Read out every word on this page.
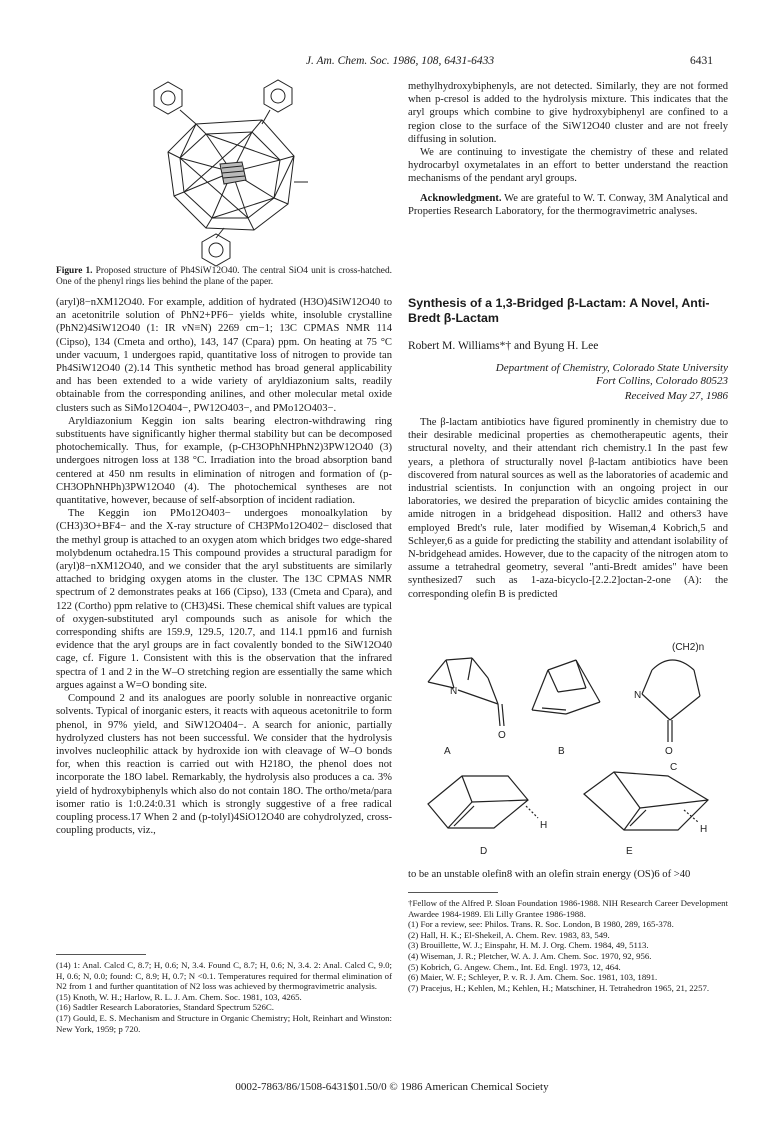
J. Am. Chem. Soc. 1986, 108, 6431-6433	6431
Figure 1. Proposed structure of Ph4SiW12O40. The central SiO4 unit is cross-hatched. One of the phenyl rings lies behind the plane of the paper.

(aryl)8−nXM12O40. For example, addition of hydrated (H3O)4SiW12O40 to an acetonitrile solution of PhN2+PF6− yields white, insoluble crystalline (PhN2)4SiW12O40 (1: IR νN≡N) 2269 cm−1; 13C CPMAS NMR 114 (Cipso), 134 (Cmeta and ortho), 143, 147 (Cpara) ppm. On heating at 75 °C under vacuum, 1 undergoes rapid, quantitative loss of nitrogen to provide tan Ph4SiW12O40 (2).14 This synthetic method has broad general applicability and has been extended to a wide variety of aryldiazonium salts, readily obtainable from the corresponding anilines, and other molecular metal oxide clusters such as SiMo12O404−, PW12O403−, and PMo12O403−.

Aryldiazonium Keggin ion salts bearing electron-withdrawing ring substituents have significantly higher thermal stability but can be decomposed photochemically. Thus, for example, (p-CH3OPhNHPhN2)3PW12O40 (3) undergoes nitrogen loss at 138 °C. Irradiation into the broad absorption band centered at 450 nm results in elimination of nitrogen and formation of (p-CH3OPhNHPh)3PW12O40 (4). The photochemical syntheses are not quantitative, however, because of self-absorption of incident radiation.

The Keggin ion PMo12O403− undergoes monoalkylation by (CH3)3O+BF4− and the X-ray structure of CH3PMo12O402− disclosed that the methyl group is attached to an oxygen atom which bridges two edge-shared molybdenum octahedra.15 This compound provides a structural paradigm for (aryl)8−nXM12O40, and we consider that the aryl substituents are similarly attached to bridging oxygen atoms in the cluster. The 13C CPMAS NMR spectrum of 2 demonstrates peaks at 166 (Cipso), 133 (Cmeta and Cpara), and 122 (Cortho) ppm relative to (CH3)4Si. These chemical shift values are typical of oxygen-substituted aryl compounds such as anisole for which the corresponding shifts are 159.9, 129.5, 120.7, and 114.1 ppm16 and furnish evidence that the aryl groups are in fact covalently bonded to the SiW12O40 cage, cf. Figure 1. Consistent with this is the observation that the infrared spectra of 1 and 2 in the W–O stretching region are essentially the same which argues against a W=O bonding site.

Compound 2 and its analogues are poorly soluble in nonreactive organic solvents. Typical of inorganic esters, it reacts with aqueous acetonitrile to form phenol, in 97% yield, and SiW12O404−. A search for anionic, partially hydrolyzed clusters has not been successful. We consider that the hydrolysis involves nucleophilic attack by hydroxide ion with cleavage of W–O bonds for, when this reaction is carried out with H218O, the phenol does not incorporate the 18O label. Remarkably, the hydrolysis also produces a ca. 3% yield of hydroxybiphenyls which also do not contain 18O. The ortho/meta/para isomer ratio is 1:0.24:0.31 which is strongly suggestive of a free radical coupling process.17 When 2 and (p-tolyl)4SiO12O40 are cohydrolyzed, cross-coupling products, viz.,

(14) 1: Anal. Calcd C, 8.7; H, 0.6; N, 3.4. Found C, 8.7; H, 0.6; N, 3.4. 2: Anal. Calcd C, 9.0; H, 0.6; N, 0.0; found: C, 8.9; H, 0.7; N <0.1. Temperatures required for thermal elimination of N2 from 1 and further quantitation of N2 loss was achieved by thermogravimetric analysis.
(15) Knoth, W. H.; Harlow, R. L. J. Am. Chem. Soc. 1981, 103, 4265.
(16) Sadtler Research Laboratories, Standard Spectrum 526C.
(17) Gould, E. S. Mechanism and Structure in Organic Chemistry; Holt, Reinhart and Winston: New York, 1959; p 720.

methylhydroxybiphenyls, are not detected. Similarly, they are not formed when p-cresol is added to the hydrolysis mixture. This indicates that the aryl groups which combine to give hydroxybiphenyl are confined to a region close to the surface of the SiW12O40 cluster and are not freely diffusing in solution.

We are continuing to investigate the chemistry of these and related hydrocarbyl oxymetalates in an effort to better understand the reaction mechanisms of the pendant aryl groups.

Acknowledgment. We are grateful to W. T. Conway, 3M Analytical and Properties Research Laboratory, for the thermogravimetric analyses.

Synthesis of a 1,3-Bridged β-Lactam: A Novel, Anti-Bredt β-Lactam
Robert M. Williams*† and Byung H. Lee
Department of Chemistry, Colorado State University
Fort Collins, Colorado 80523
Received May 27, 1986

The β-lactam antibiotics have figured prominently in chemistry due to their desirable medicinal properties as chemotherapeutic agents, their structural novelty, and their attendant rich chemistry.1 In the past few years, a plethora of structurally novel β-lactam antibiotics have been discovered from natural sources as well as the laboratories of academic and industrial scientists. In conjunction with an ongoing project in our laboratories, we desired the preparation of bicyclic amides containing the amide nitrogen in a bridgehead disposition. Hall2 and others3 have employed Bredt's rule, later modified by Wiseman,4 Kobrich,5 and Schleyer,6 as a guide for predicting the stability and attendant isolability of N-bridgehead amides. However, due to the capacity of the nitrogen atom to assume a tetrahedral geometry, several "anti-Bredt amides" have been synthesized7 such as 1-aza-bicyclo-[2.2.2]octan-2-one (A): the corresponding olefin B is predicted

N
O
A	B
N
O
(CH2)n
C
H
D
H
E

to be an unstable olefin8 with an olefin strain energy (OS)6 of >40

†Fellow of the Alfred P. Sloan Foundation 1986-1988. NIH Research Career Development Awardee 1984-1989. Eli Lilly Grantee 1986-1988.
(1) For a review, see: Philos. Trans. R. Soc. London, B 1980, 289, 165-378.
(2) Hall, H. K.; El-Shekeil, A. Chem. Rev. 1983, 83, 549.
(3) Brouillette, W. J.; Einspahr, H. M. J. Org. Chem. 1984, 49, 5113.
(4) Wiseman, J. R.; Pletcher, W. A. J. Am. Chem. Soc. 1970, 92, 956.
(5) Kobrich, G. Angew. Chem., Int. Ed. Engl. 1973, 12, 464.
(6) Maier, W. F.; Schleyer, P. v. R. J. Am. Chem. Soc. 1981, 103, 1891.
(7) Pracejus, H.; Kehlen, M.; Kehlen, H.; Matschiner, H. Tetrahedron 1965, 21, 2257.
0002-7863/86/1508-6431$01.50/0 © 1986 American Chemical Society
